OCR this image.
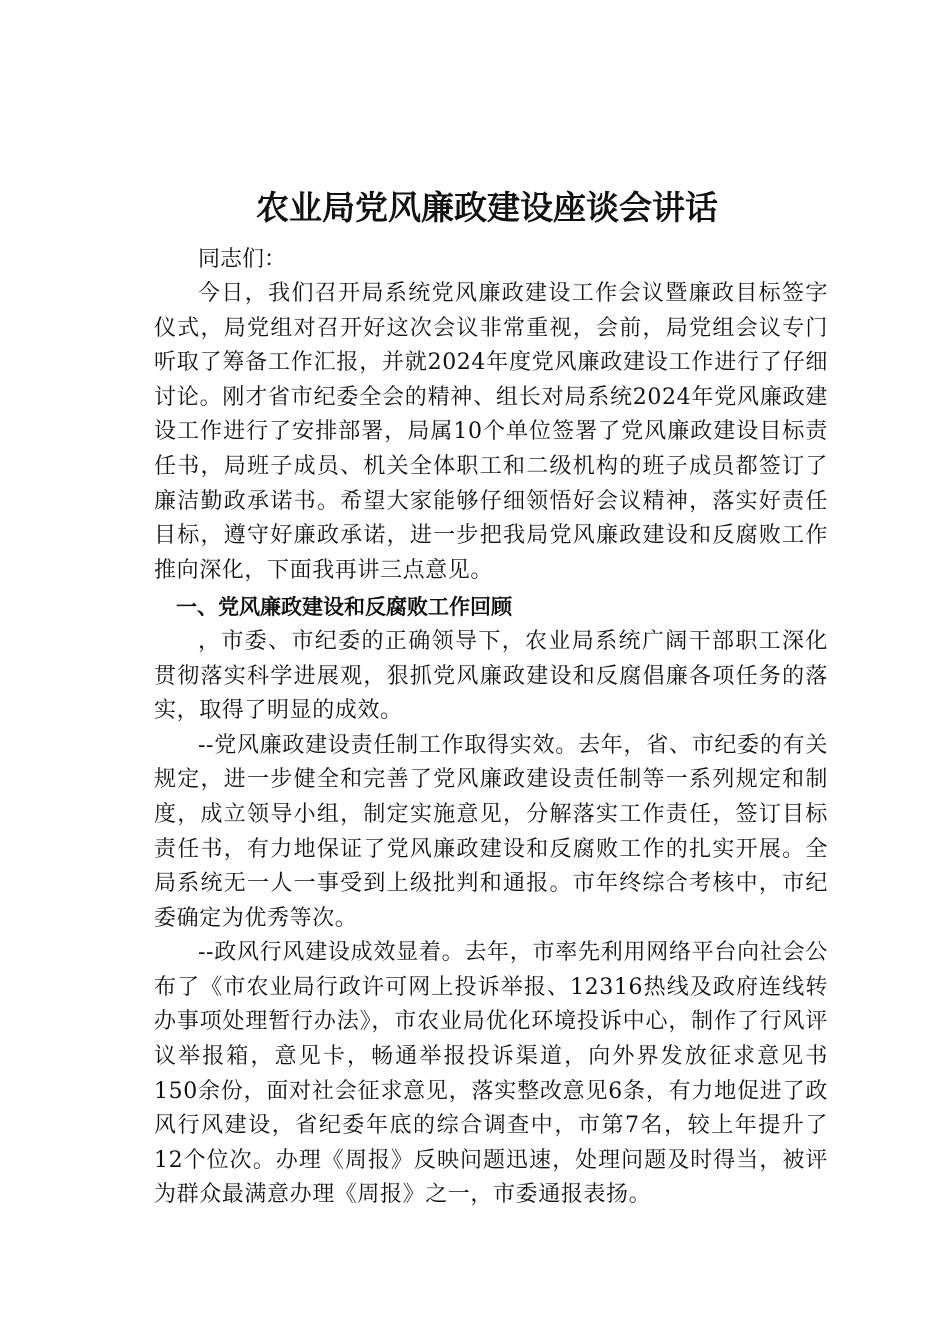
农业局党风廉政建设座谈会讲话

同志们：

今日，我们召开局系统党风廉政建设工作会议暨廉政目标签字仪式，局党组对召开好这次会议非常重视，会前，局党组会议专门听取了筹备工作汇报，并就2024年度党风廉政建设工作进行了仔细讨论。刚才省市纪委全会的精神、组长对局系统2024年党风廉政建设工作进行了安排部署，局属10个单位签署了党风廉政建设目标责任书，局班子成员、机关全体职工和二级机构的班子成员都签订了廉洁勤政承诺书。希望大家能够仔细领悟好会议精神，落实好责任目标，遵守好廉政承诺，进一步把我局党风廉政建设和反腐败工作推向深化，下面我再讲三点意见。

一、党风廉政建设和反腐败工作回顾

，市委、市纪委的正确领导下，农业局系统广阔干部职工深化贯彻落实科学进展观，狠抓党风廉政建设和反腐倡廉各项任务的落实，取得了明显的成效。

--党风廉政建设责任制工作取得实效。去年，省、市纪委的有关规定，进一步健全和完善了党风廉政建设责任制等一系列规定和制度，成立领导小组，制定实施意见，分解落实工作责任，签订目标责任书，有力地保证了党风廉政建设和反腐败工作的扎实开展。全局系统无一人一事受到上级批判和通报。市年终综合考核中，市纪委确定为优秀等次。

--政风行风建设成效显着。去年，市率先利用网络平台向社会公布了《市农业局行政许可网上投诉举报、12316热线及政府连线转办事项处理暂行办法》，市农业局优化环境投诉中心，制作了行风评议举报箱，意见卡，畅通举报投诉渠道，向外界发放征求意见书150余份，面对社会征求意见，落实整改意见6条，有力地促进了政风行风建设，省纪委年底的综合调查中，市第7名，较上年提升了12个位次。办理《周报》反映问题迅速，处理问题及时得当，被评为群众最满意办理《周报》之一，市委通报表扬。
